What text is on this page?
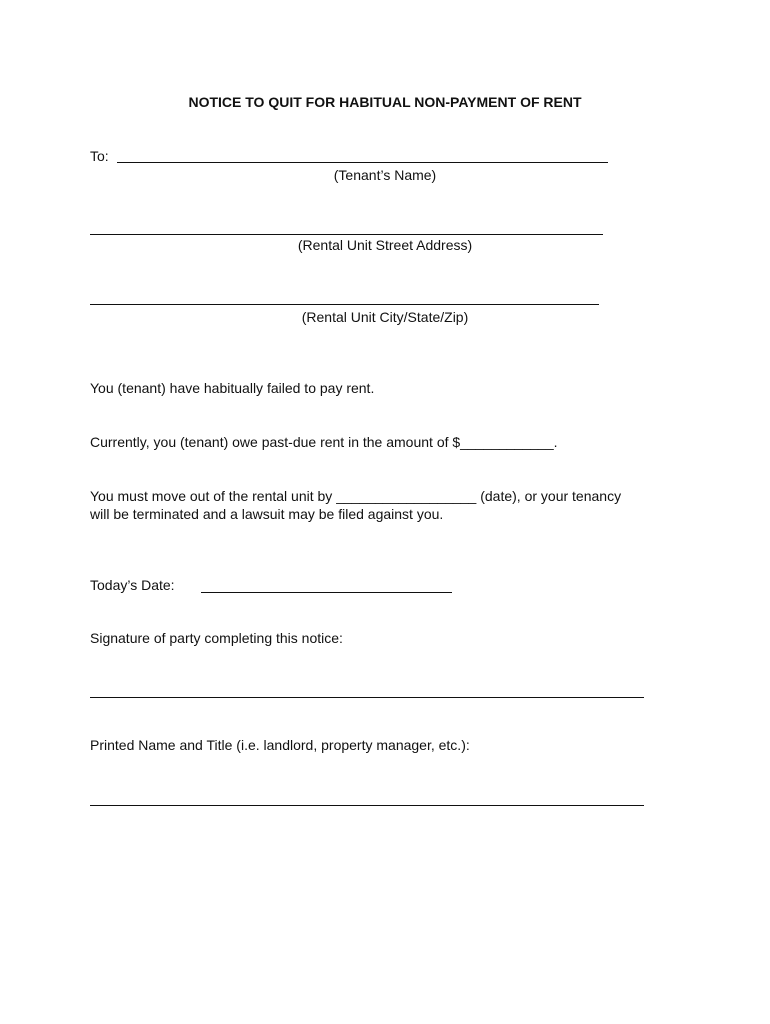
NOTICE TO QUIT FOR HABITUAL NON-PAYMENT OF RENT
To:
(Tenant’s Name)
(Rental Unit Street Address)
(Rental Unit City/State/Zip)
You (tenant) have habitually failed to pay rent.
Currently, you (tenant) owe past-due rent in the amount of $____________.
You must move out of the rental unit by __________________ (date), or your tenancy
will be terminated and a lawsuit may be filed against you.
Today’s Date:
Signature of party completing this notice:
Printed Name and Title (i.e. landlord, property manager, etc.):
